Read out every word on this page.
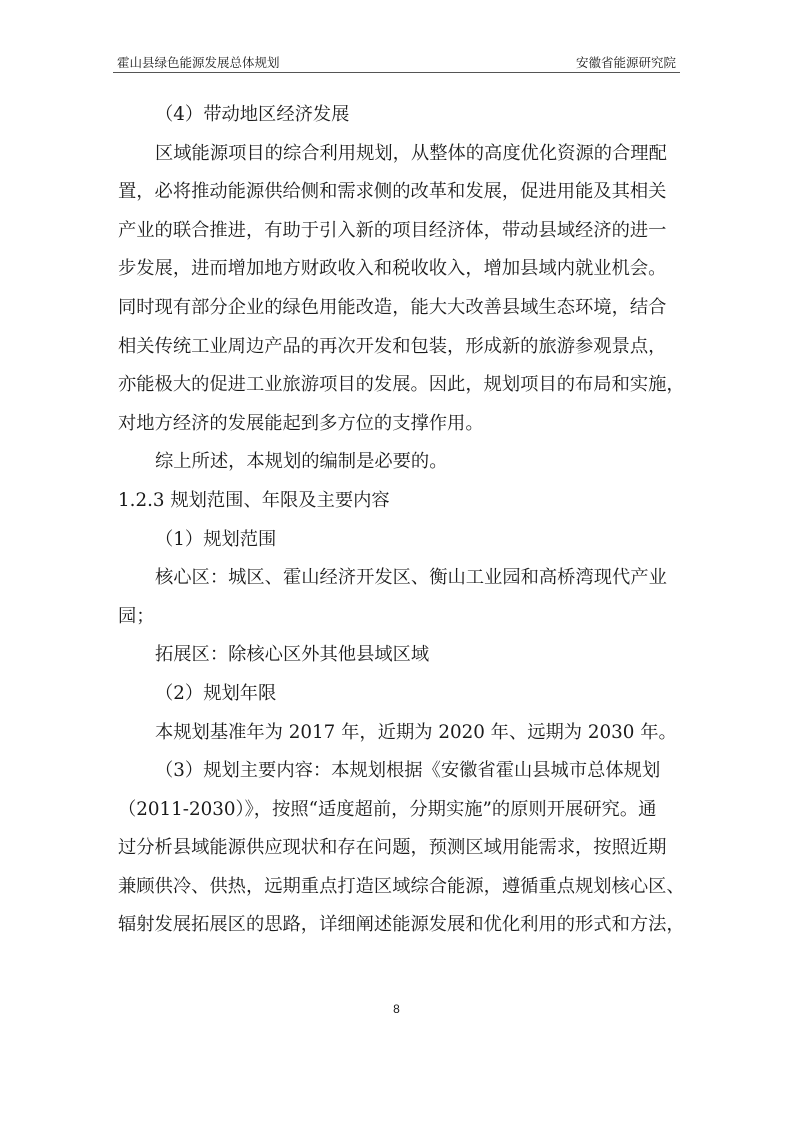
霍山县绿色能源发展总体规划	安徽省能源研究院

（4）带动地区经济发展

区域能源项目的综合利用规划，从整体的高度优化资源的合理配

置，必将推动能源供给侧和需求侧的改革和发展，促进用能及其相关

产业的联合推进，有助于引入新的项目经济体，带动县域经济的进一

步发展，进而增加地方财政收入和税收收入，增加县域内就业机会。

同时现有部分企业的绿色用能改造，能大大改善县域生态环境，结合

相关传统工业周边产品的再次开发和包装，形成新的旅游参观景点，

亦能极大的促进工业旅游项目的发展。因此，规划项目的布局和实施，

对地方经济的发展能起到多方位的支撑作用。

综上所述，本规划的编制是必要的。

1.2.3 规划范围、年限及主要内容

（1）规划范围

核心区：城区、霍山经济开发区、衡山工业园和高桥湾现代产业

园；

拓展区：除核心区外其他县域区域

（2）规划年限

本规划基准年为 2017 年，近期为 2020 年、远期为 2030 年。

（3）规划主要内容：本规划根据《安徽省霍山县城市总体规划

（2011-2030）》，按照“适度超前，分期实施”的原则开展研究。通

过分析县域能源供应现状和存在问题，预测区域用能需求，按照近期

兼顾供冷、供热，远期重点打造区域综合能源，遵循重点规划核心区、

辐射发展拓展区的思路，详细阐述能源发展和优化利用的形式和方法，

8
